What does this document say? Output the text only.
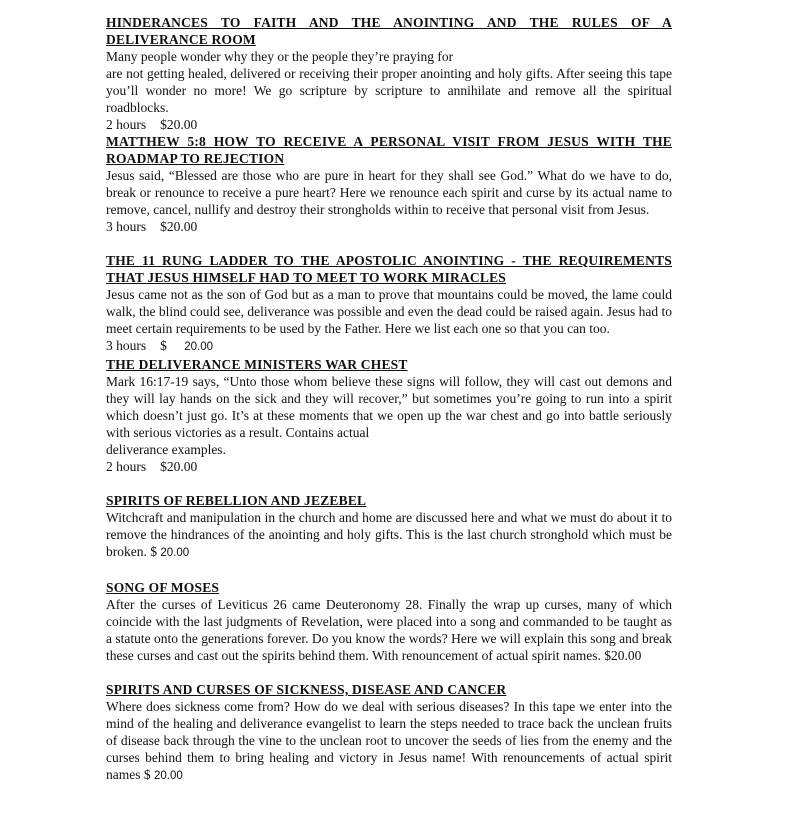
HINDERANCES TO FAITH AND THE ANOINTING AND THE RULES OF A DELIVERANCE ROOM
Many people wonder why they or the people they’re praying for
are not getting healed, delivered or receiving their proper anointing and holy gifts. After seeing this tape you’ll wonder no more! We go scripture by scripture to annihilate and remove all the spiritual roadblocks.
2 hours $20.00
MATTHEW 5:8 HOW TO RECEIVE A PERSONAL VISIT FROM JESUS WITH THE ROADMAP TO REJECTION
Jesus said, “Blessed are those who are pure in heart for they shall see God.” What do we have to do, break or renounce to receive a pure heart? Here we renounce each spirit and curse by its actual name to remove, cancel, nullify and destroy their strongholds within to receive that personal visit from Jesus.
3 hours $20.00
THE 11 RUNG LADDER TO THE APOSTOLIC ANOINTING - THE REQUIREMENTS THAT JESUS HIMSELF HAD TO MEET TO WORK MIRACLES
Jesus came not as the son of God but as a man to prove that mountains could be moved, the lame could walk, the blind could see, deliverance was possible and even the dead could be raised again. Jesus had to meet certain requirements to be used by the Father. Here we list each one so that you can too.
3 hours $ 20.00
THE DELIVERANCE MINISTERS WAR CHEST
Mark 16:17-19 says, “Unto those whom believe these signs will follow, they will cast out demons and they will lay hands on the sick and they will recover,” but sometimes you’re going to run into a spirit which doesn’t just go. It’s at these moments that we open up the war chest and go into battle seriously with serious victories as a result. Contains actual
deliverance examples.
2 hours $20.00
SPIRITS OF REBELLION AND JEZEBEL
Witchcraft and manipulation in the church and home are discussed here and what we must do about it to remove the hindrances of the anointing and holy gifts. This is the last church stronghold which must be broken. $ 20.00
SONG OF MOSES
After the curses of Leviticus 26 came Deuteronomy 28. Finally the wrap up curses, many of which coincide with the last judgments of Revelation, were placed into a song and commanded to be taught as a statute onto the generations forever. Do you know the words? Here we will explain this song and break these curses and cast out the spirits behind them. With renouncement of actual spirit names. $20.00
SPIRITS AND CURSES OF SICKNESS, DISEASE AND CANCER
Where does sickness come from? How do we deal with serious diseases? In this tape we enter into the mind of the healing and deliverance evangelist to learn the steps needed to trace back the unclean fruits of disease back through the vine to the unclean root to uncover the seeds of lies from the enemy and the curses behind them to bring healing and victory in Jesus name! With renouncements of actual spirit names $ 20.00
